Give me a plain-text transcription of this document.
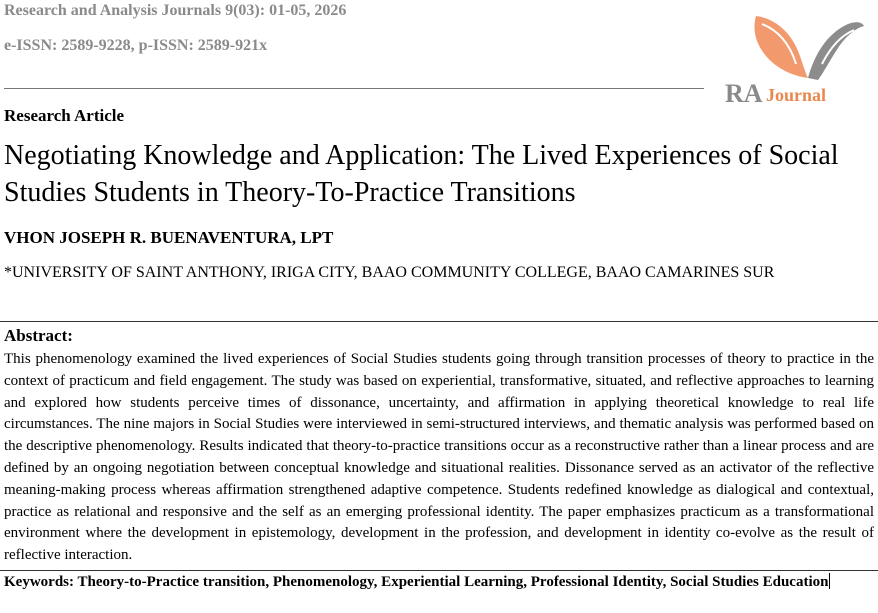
Research and Analysis Journals 9(03): 01-05, 2026
e-ISSN: 2589-9228, p-ISSN: 2589-921x
RA Journal
Research Article
Negotiating Knowledge and Application: The Lived Experiences of Social Studies Students in Theory-To-Practice Transitions
VHON JOSEPH R. BUENAVENTURA, LPT
*UNIVERSITY OF SAINT ANTHONY, IRIGA CITY, BAAO COMMUNITY COLLEGE, BAAO CAMARINES SUR
Abstract:
This phenomenology examined the lived experiences of Social Studies students going through transition processes of theory to practice in the context of practicum and field engagement. The study was based on experiential, transformative, situated, and reflective approaches to learning and explored how students perceive times of dissonance, uncertainty, and affirmation in applying theoretical knowledge to real life circumstances. The nine majors in Social Studies were interviewed in semi-structured interviews, and thematic analysis was performed based on the descriptive phenomenology. Results indicated that theory-to-practice transitions occur as a reconstructive rather than a linear process and are defined by an ongoing negotiation between conceptual knowledge and situational realities. Dissonance served as an activator of the reflective meaning-making process whereas affirmation strengthened adaptive competence. Students redefined knowledge as dialogical and contextual, practice as relational and responsive and the self as an emerging professional identity. The paper emphasizes practicum as a transformational environment where the development in epistemology, development in the profession, and development in identity co-evolve as the result of reflective interaction.
Keywords: Theory-to-Practice transition, Phenomenology, Experiential Learning, Professional Identity, Social Studies Education
